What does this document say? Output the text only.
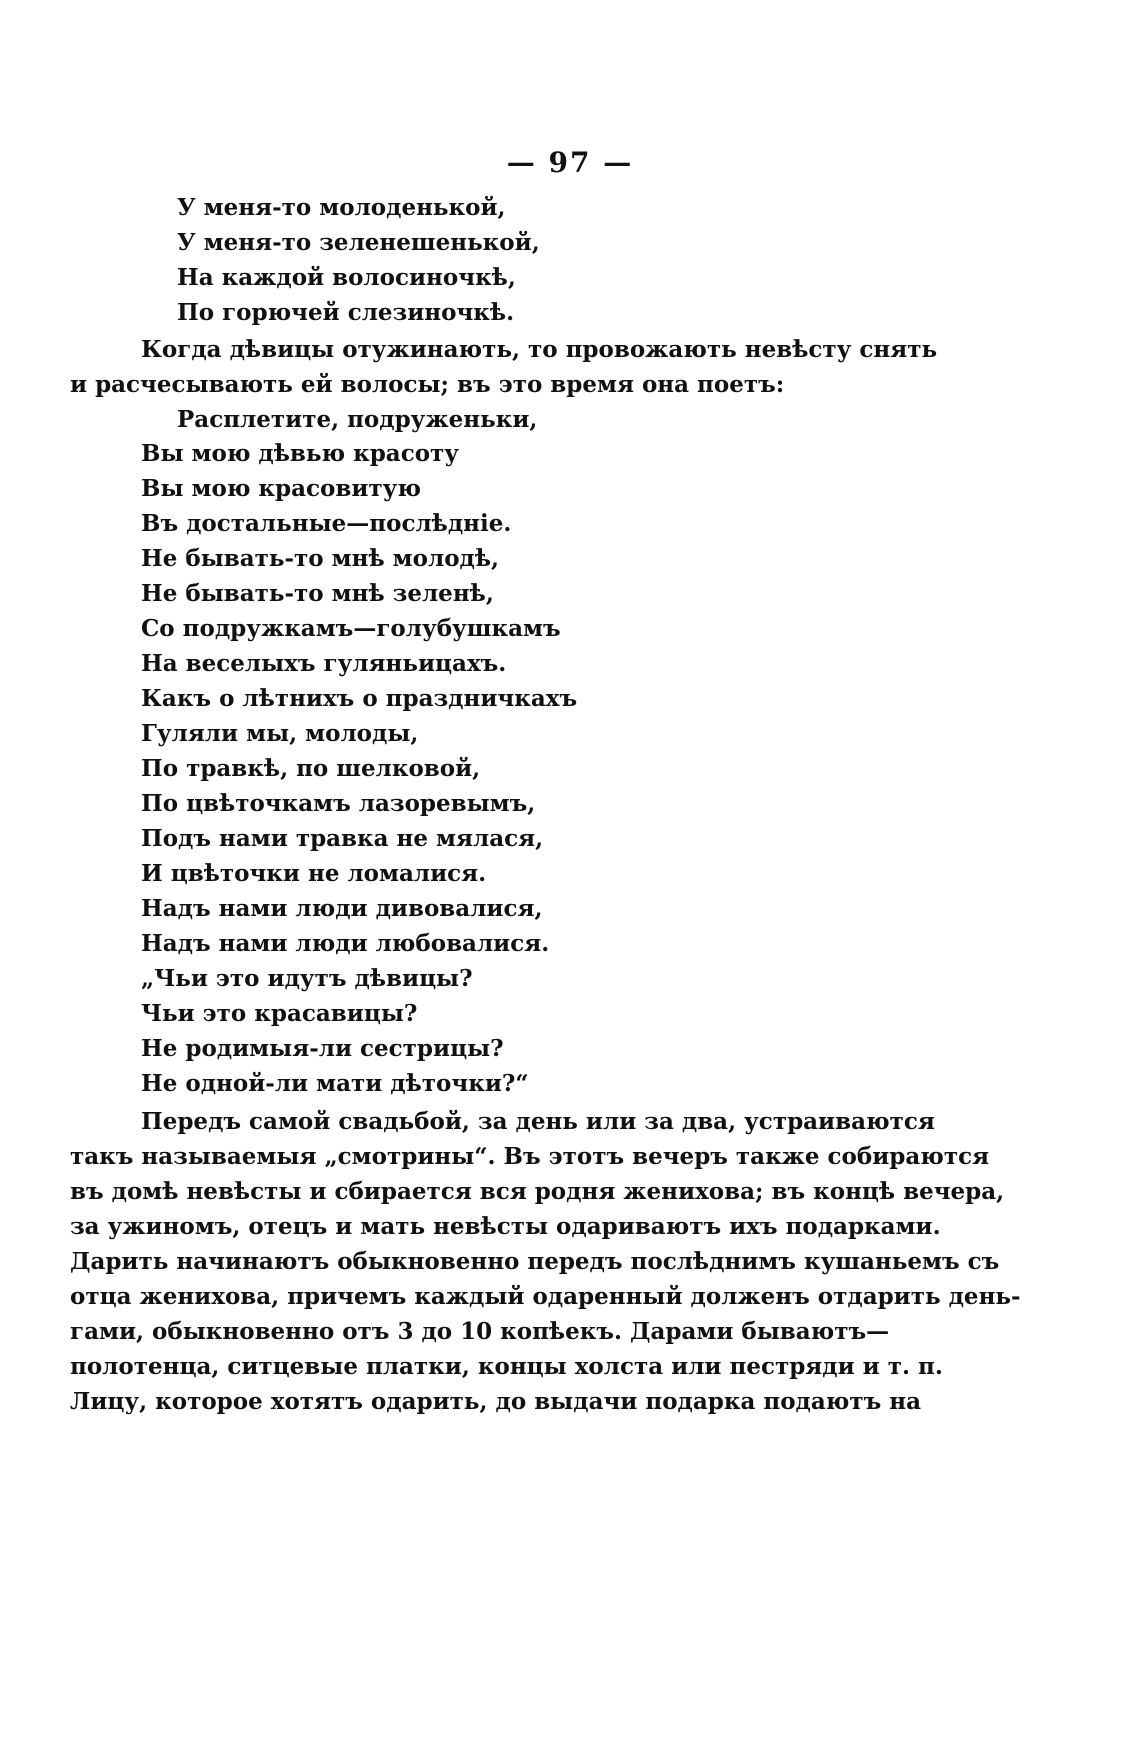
— 97 —
У меня-то молоденькой,
У меня-то зеленешенькой,
На каждой волосиночкѣ,
По горючей слезиночкѣ.
Когда дѣвицы отужинають, то провожають невѣсту снять
и расчесывають ей волосы; въ это время она поетъ:
Расплетите, подруженьки,
Вы мою дѣвью красоту
Вы мою красовитую
Въ достальные—послѣдніе.
Не бывать-то мнѣ молодѣ,
Не бывать-то мнѣ зеленѣ,
Со подружкамъ—голубушкамъ
На веселыхъ гуляньицахъ.
Какъ о лѣтнихъ о праздничкахъ
Гуляли мы, молоды,
По травкѣ, по шелковой,
По цвѣточкамъ лазоревымъ,
Подъ нами травка не мялася,
И цвѣточки не ломалися.
Надъ нами люди дивовалися,
Надъ нами люди любовалися.
„Чьи это идутъ дѣвицы?
Чьи это красавицы?
Не родимыя-ли сестрицы?
Не одной-ли мати дѣточки?“
Передъ самой свадьбой, за день или за два, устраиваются
такъ называемыя „смотрины“. Въ этотъ вечеръ также собираются
въ домѣ невѣсты и сбирается вся родня жениховa; въ концѣ вечера,
за ужиномъ, отецъ и мать невѣсты одариваютъ ихъ подарками.
Дарить начинаютъ обыкновенно передъ послѣднимъ кушаньемъ съ
отца жениховa, причемъ каждый одаренный долженъ отдарить день-
гами, обыкновенно отъ 3 до 10 копѣекъ. Дарами бываютъ—
полотенца, ситцевые платки, концы холста или пестряди и т. п.
Лицу, которое хотятъ одарить, до выдачи подарка подаютъ на
